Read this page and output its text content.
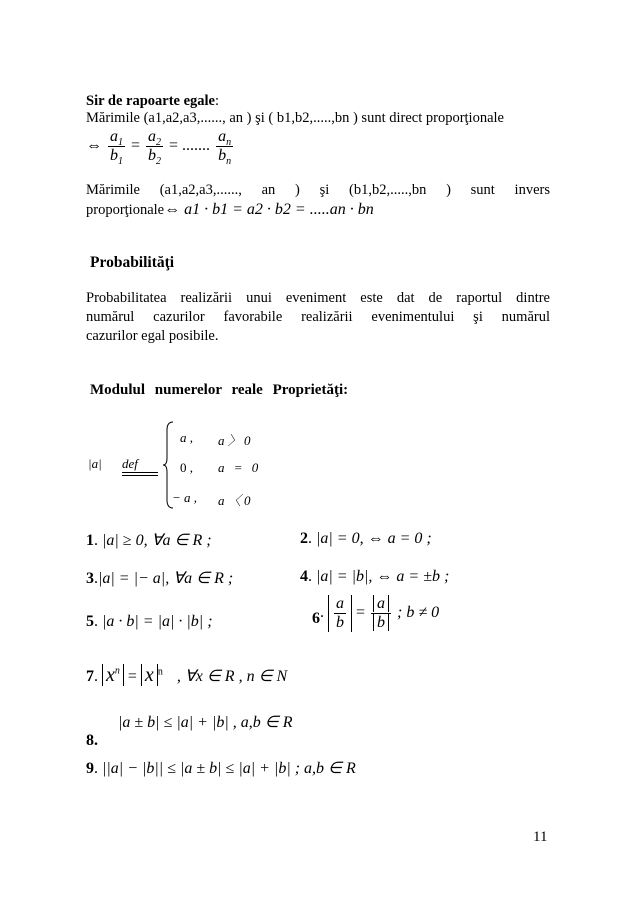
Sir de rapoarte egale:
Mărimile (a1,a2,a3,......, an ) şi ( b1,b2,.....,bn ) sunt direct proporţionale
⇔ $\frac{a_1}{b_1} = \frac{a_2}{b_2}$ = ....... $\frac{a_n}{b_n}$
Mărimile (a1,a2,a3,......, an ) şi (b1,b2,.....,bn ) sunt invers
proporţionale⇔ a1 · b1 = a2 · b2 = .....an · bn
Probabilităţi
Probabilitatea realizării unui eveniment este dat de raportul dintre
numărul cazurilor favorabile realizării evenimentului şi numărul
cazurilor egal posibile.
Modulul numerelor reale Proprietăţi:
|a| def
a , a 〉 0
0 , a = 0
− a , a 〈 0
1. |a| ≥ 0, ∀a ∈ R ;	2. |a| = 0, ⇔ a = 0 ;
3.|a| = |− a|, ∀a ∈ R ;	4. |a| = |b|, ⇔ a = ±b ;
5. |a · b| = |a| · |b| ;	6. $\frac{a}{b} = \frac{a}{b}$ ; b ≠ 0
7. $x^n = x$ $^n$ , ∀x ∈ R , n ∈ N
8.
|a ± b| ≤ |a| + |b| , a,b ∈ R
9. ||a| − |b|| ≤ |a ± b| ≤ |a| + |b| ; a,b ∈ R
11
